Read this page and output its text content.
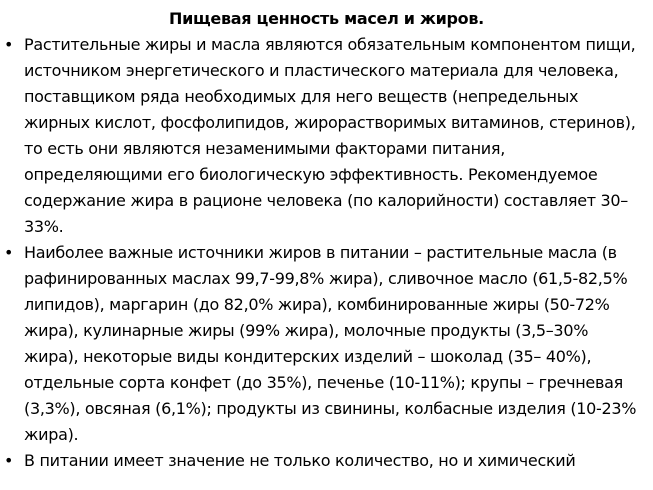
Пищевая ценность масел и жиров.
• Растительные жиры и масла являются обязательным компонентом пищи, источником энергетического и пластического материала для человека, поставщиком ряда необходимых для него веществ (непредельных жирных кислот, фосфолипидов, жирорастворимых витаминов, стеринов), то есть они являются незаменимыми факторами питания, определяющими его биологическую эффективность. Рекомендуемое содержание жира в рационе человека (по калорийности) составляет 30–33%.
• Наиболее важные источники жиров в питании – растительные масла (в рафинированных маслах 99,7-99,8% жира), сливочное масло (61,5-82,5% липидов), маргарин (до 82,0% жира), комбинированные жиры (50-72% жира), кулинарные жиры (99% жира), молочные продукты (3,5–30% жира), некоторые виды кондитерских изделий – шоколад (35– 40%), отдельные сорта конфет (до 35%), печенье (10-11%); крупы – гречневая (3,3%), овсяная (6,1%); продукты из свинины, колбасные изделия (10-23% жира).
• В питании имеет значение не только количество, но и химический
